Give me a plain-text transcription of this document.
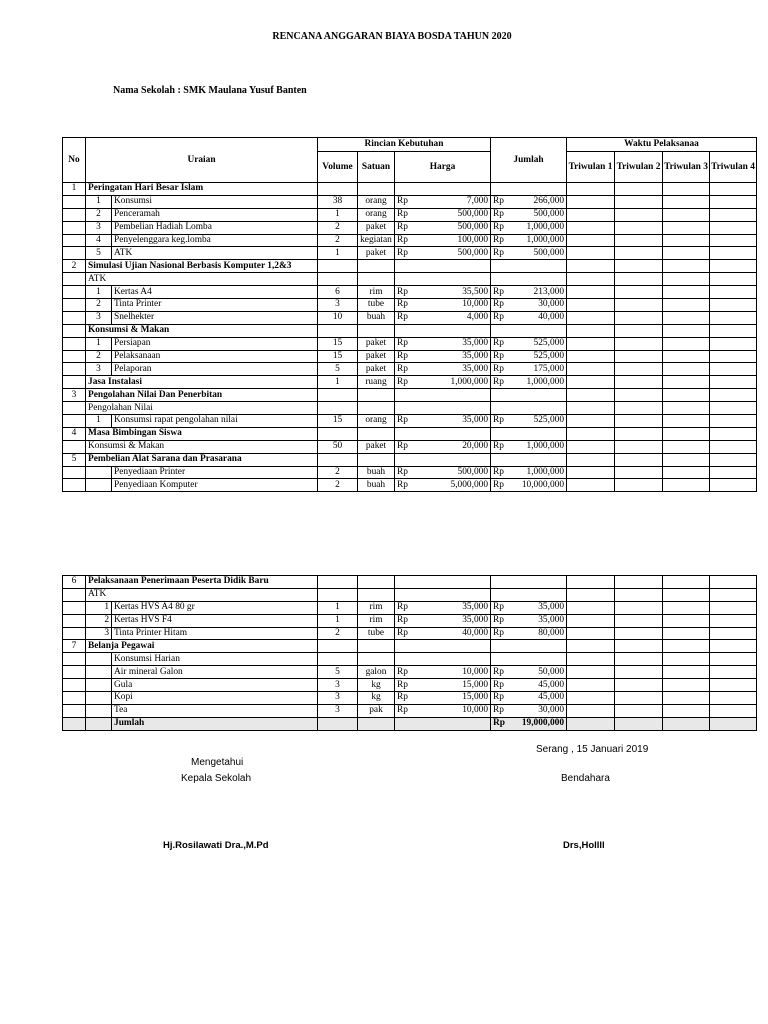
RENCANA ANGGARAN BIAYA BOSDA TAHUN 2020
Nama Sekolah : SMK Maulana Yusuf Banten
No	Uraian		Rincian Kebutuhan				Jumlah		Waktu Pelaksanaa			
			Volume	Satuan	Harga				Triwulan 1	Triwulan 2	Triwulan 3	Triwulan 4
1	Peringatan Hari Besar Islam											
	1	Konsumsi	38	orang	Rp	7,000	Rp	266,000				
	2	Penceramah	1	orang	Rp	500,000	Rp	500,000				
	3	Pembelian Hadiah Lomba	2	paket	Rp	500,000	Rp	1,000,000				
	4	Penyelenggara keg.lomba	2	kegiatan	Rp	100,000	Rp	1,000,000				
	5	ATK	1	paket	Rp	500,000	Rp	500,000				
2	Simulasi Ujian Nasional Berbasis Komputer 1,2&3											
	ATK											
	1	Kertas A4	6	rim	Rp	35,500	Rp	213,000				
	2	Tinta Printer	3	tube	Rp	10,000	Rp	30,000				
	3	Snelhekter	10	buah	Rp	4,000	Rp	40,000				
	Konsumsi & Makan											
	1	Persiapan	15	paket	Rp	35,000	Rp	525,000				
	2	Pelaksanaan	15	paket	Rp	35,000	Rp	525,000				
	3	Pelaporan	5	paket	Rp	35,000	Rp	175,000				
	Jasa Instalasi		1	ruang	Rp	1,000,000	Rp	1,000,000				
3	Pengolahan Nilai Dan Penerbitan											
	Pengolahan Nilai											
	1	Konsumsi rapat pengolahan nilai	15	orang	Rp	35,000	Rp	525,000				
4	Masa Bimbingan Siswa											
	Konsumsi & Makan		50	paket	Rp	20,000	Rp	1,000,000				
5	Pembelian Alat Sarana dan Prasarana											
		Penyediaan Printer	2	buah	Rp	500,000	Rp	1,000,000				
		Penyediaan Komputer	2	buah	Rp	5,000,000	Rp	10,000,000				
6	Pelaksanaan Penerimaan Peserta Didik Baru											
	ATK											
	1	Kertas HVS A4 80 gr	1	rim	Rp	35,000	Rp	35,000				
	2	Kertas HVS F4	1	rim	Rp	35,000	Rp	35,000				
	3	Tinta Printer Hitam	2	tube	Rp	40,000	Rp	80,000				
7	Belanja Pegawai											
		Konsumsi Harian										
		Air mineral Galon	5	galon	Rp	10,000	Rp	50,000				
		Gula	3	kg	Rp	15,000	Rp	45,000				
		Kopi	3	kg	Rp	15,000	Rp	45,000				
		Tea	3	pak	Rp	10,000	Rp	30,000				
		Jumlah					Rp	19,000,000				
Serang , 15 Januari 2019
Mengetahui
Kepala Sekolah	Bendahara
Hj.Rosilawati Dra.,M.Pd	Drs,Hollll
